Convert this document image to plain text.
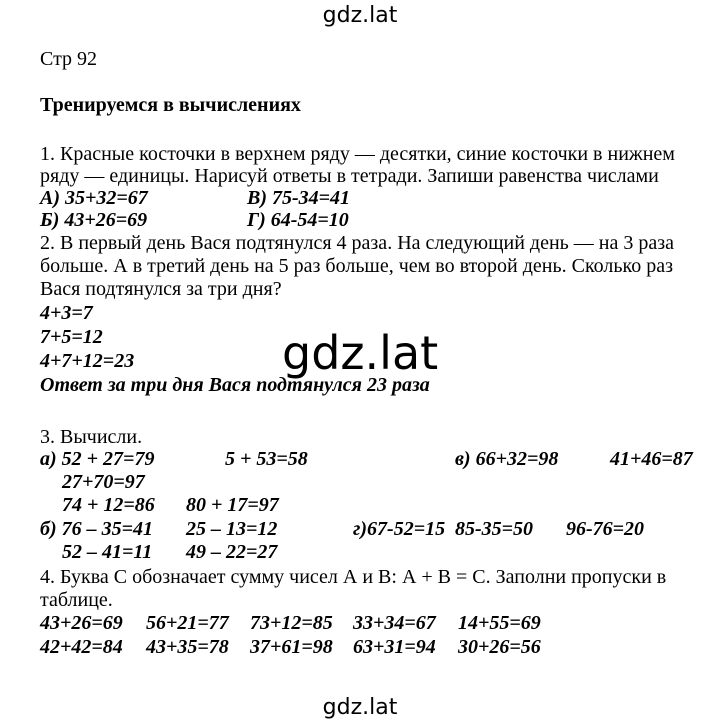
gdz.lat
Стр 92
Тренируемся в вычислениях
1. Красные косточки в верхнем ряду — десятки, синие косточки в нижнем
ряду — единицы. Нарисуй ответы в тетради. Запиши равенства числами
А) 35+32=67	В) 75-34=41
Б) 43+26=69	Г) 64-54=10
2. В первый день Вася подтянулся 4 раза. На следующий день — на 3 раза
больше. А в третий день на 5 раз больше, чем во второй день. Сколько раз
Вася подтянулся за три дня?
4+3=7
7+5=12
4+7+12=23
Ответ за три дня Вася подтянулся 23 раза
gdz.lat
3. Вычисли.
а) 52 + 27=79	5 + 53=58	в) 66+32=98	41+46=87
27+70=97
74 + 12=86 80 + 17=97
б) 76 – 35=41 25 – 13=12	г)67-52=15 85-35=50 96-76=20
52 – 41=11 49 – 22=27
4. Буква С обозначает сумму чисел А и В: А + В = С. Заполни пропуски в
таблице.
43+26=69 56+21=77 73+12=85 33+34=67 14+55=69
42+42=84 43+35=78 37+61=98 63+31=94 30+26=56
gdz.lat
